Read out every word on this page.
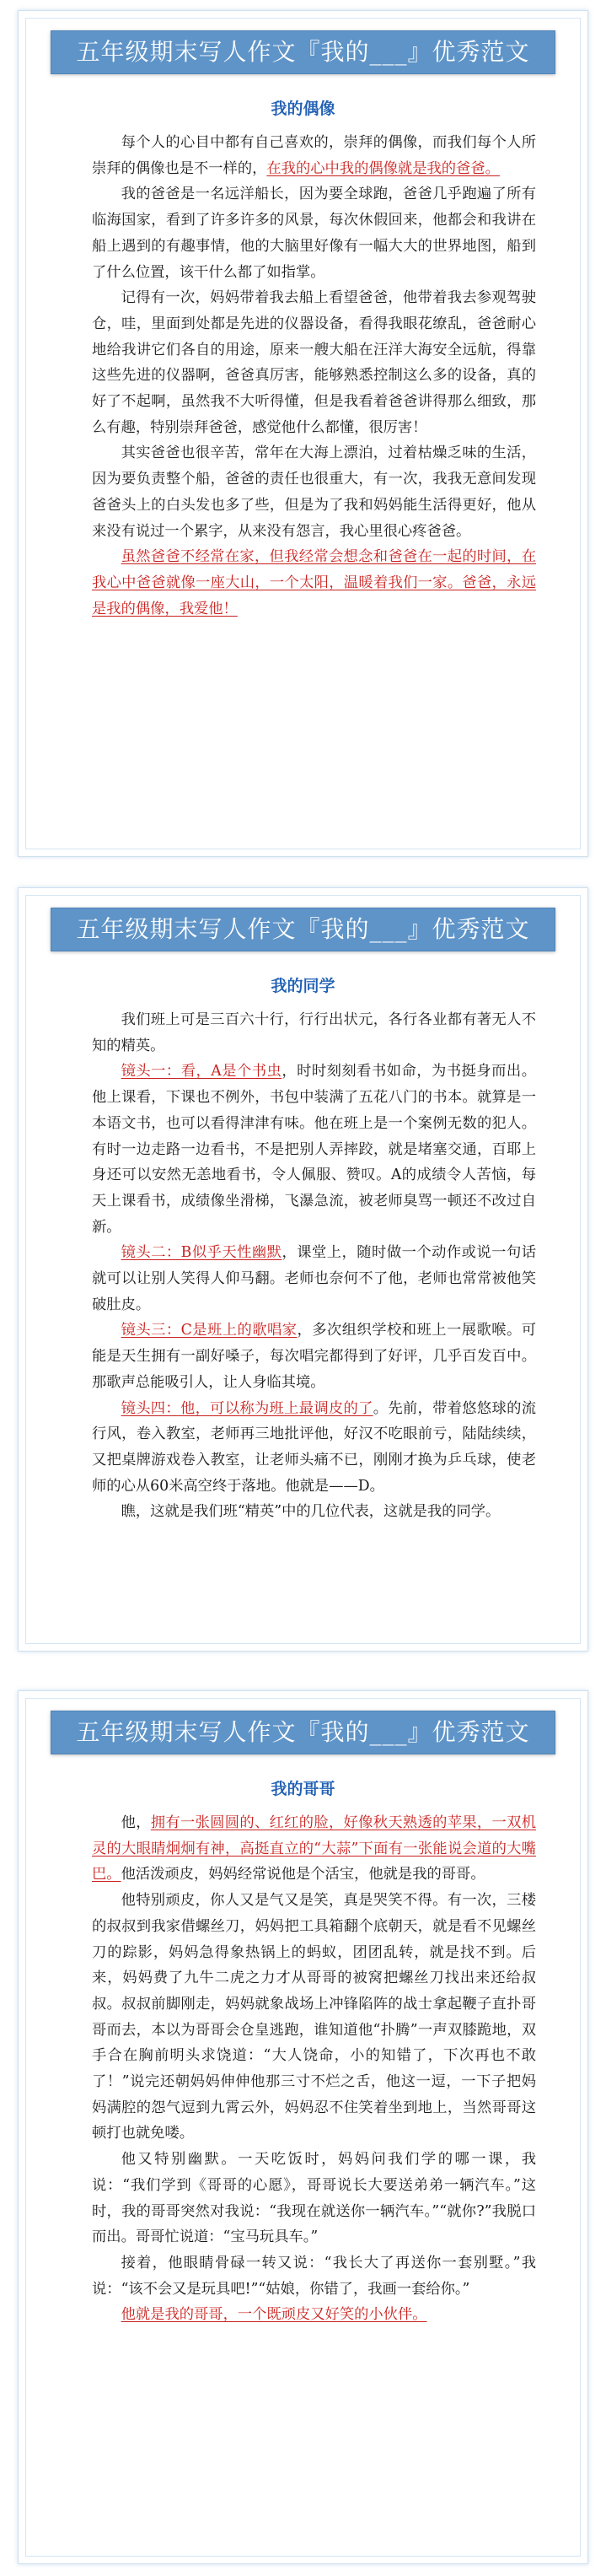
五年级期末写人作文『我的___』优秀范文
我的偶像

每个人的心目中都有自己喜欢的，崇拜的偶像，而我们每个人所崇拜的偶像也是不一样的，在我的心中我的偶像就是我的爸爸。

我的爸爸是一名远洋船长，因为要全球跑，爸爸几乎跑遍了所有临海国家，看到了许多许多的风景，每次休假回来，他都会和我讲在船上遇到的有趣事情，他的大脑里好像有一幅大大的世界地图，船到了什么位置，该干什么都了如指掌。

记得有一次，妈妈带着我去船上看望爸爸，他带着我去参观驾驶仓，哇，里面到处都是先进的仪器设备，看得我眼花缭乱，爸爸耐心地给我讲它们各自的用途，原来一艘大船在汪洋大海安全远航，得靠这些先进的仪器啊，爸爸真厉害，能够熟悉控制这么多的设备，真的好了不起啊，虽然我不大听得懂，但是我看着爸爸讲得那么细致，那么有趣，特别崇拜爸爸，感觉他什么都懂，很厉害！

其实爸爸也很辛苦，常年在大海上漂泊，过着枯燥乏味的生活，因为要负责整个船，爸爸的责任也很重大，有一次，我我无意间发现爸爸头上的白头发也多了些，但是为了我和妈妈能生活得更好，他从来没有说过一个累字，从来没有怨言，我心里很心疼爸爸。

虽然爸爸不经常在家，但我经常会想念和爸爸在一起的时间，在我心中爸爸就像一座大山，一个太阳，温暖着我们一家。爸爸，永远是我的偶像，我爱他！

五年级期末写人作文『我的___』优秀范文
我的同学

我们班上可是三百六十行，行行出状元，各行各业都有著无人不知的精英。

镜头一：看，A是个书虫，时时刻刻看书如命，为书挺身而出。他上课看，下课也不例外，书包中装满了五花八门的书本。就算是一本语文书，也可以看得津津有味。他在班上是一个案例无数的犯人。有时一边走路一边看书，不是把别人弄摔跤，就是堵塞交通，百耶上身还可以安然无恙地看书，令人佩服、赞叹。A的成绩令人苦恼，每天上课看书，成绩像坐滑梯，飞瀑急流，被老师臭骂一顿还不改过自新。

镜头二：B似乎天性幽默，课堂上，随时做一个动作或说一句话就可以让别人笑得人仰马翻。老师也奈何不了他，老师也常常被他笑破肚皮。

镜头三：C是班上的歌唱家，多次组织学校和班上一展歌喉。可能是天生拥有一副好嗓子，每次唱完都得到了好评，几乎百发百中。那歌声总能吸引人，让人身临其境。

镜头四：他，可以称为班上最调皮的了。先前，带着悠悠球的流行风，卷入教室，老师再三地批评他，好汉不吃眼前亏，陆陆续续，又把桌牌游戏卷入教室，让老师头痛不已，刚刚才换为乒乓球，使老师的心从60米高空终于落地。他就是——D。

瞧，这就是我们班“精英”中的几位代表，这就是我的同学。

五年级期末写人作文『我的___』优秀范文
我的哥哥

他，拥有一张圆圆的、红红的脸，好像秋天熟透的苹果，一双机灵的大眼睛炯炯有神，高挺直立的“大蒜”下面有一张能说会道的大嘴巴。他活泼顽皮，妈妈经常说他是个活宝，他就是我的哥哥。

他特别顽皮，你人又是气又是笑，真是哭笑不得。有一次，三楼的叔叔到我家借螺丝刀，妈妈把工具箱翻个底朝天，就是看不见螺丝刀的踪影，妈妈急得象热锅上的蚂蚁，团团乱转，就是找不到。后来，妈妈费了九牛二虎之力才从哥哥的被窝把螺丝刀找出来还给叔叔。叔叔前脚刚走，妈妈就象战场上冲锋陷阵的战士拿起鞭子直扑哥哥而去，本以为哥哥会仓皇逃跑，谁知道他“扑腾”一声双膝跪地，双手合在胸前明头求饶道：“大人饶命，小的知错了，下次再也不敢了！”说完还朝妈妈伸伸他那三寸不烂之舌，他这一逗，一下子把妈妈满腔的怨气逗到九霄云外，妈妈忍不住笑着坐到地上，当然哥哥这顿打也就免喽。

他又特别幽默。一天吃饭时，妈妈问我们学的哪一课，我说：“我们学到《哥哥的心愿》，哥哥说长大要送弟弟一辆汽车。”这时，我的哥哥突然对我说：“我现在就送你一辆汽车。”“就你?”我脱口而出。哥哥忙说道：“宝马玩具车。”

接着，他眼睛骨碌一转又说：“我长大了再送你一套别墅。”我说：“该不会又是玩具吧!”“姑娘，你错了，我画一套给你。”

他就是我的哥哥，一个既顽皮又好笑的小伙伴。
